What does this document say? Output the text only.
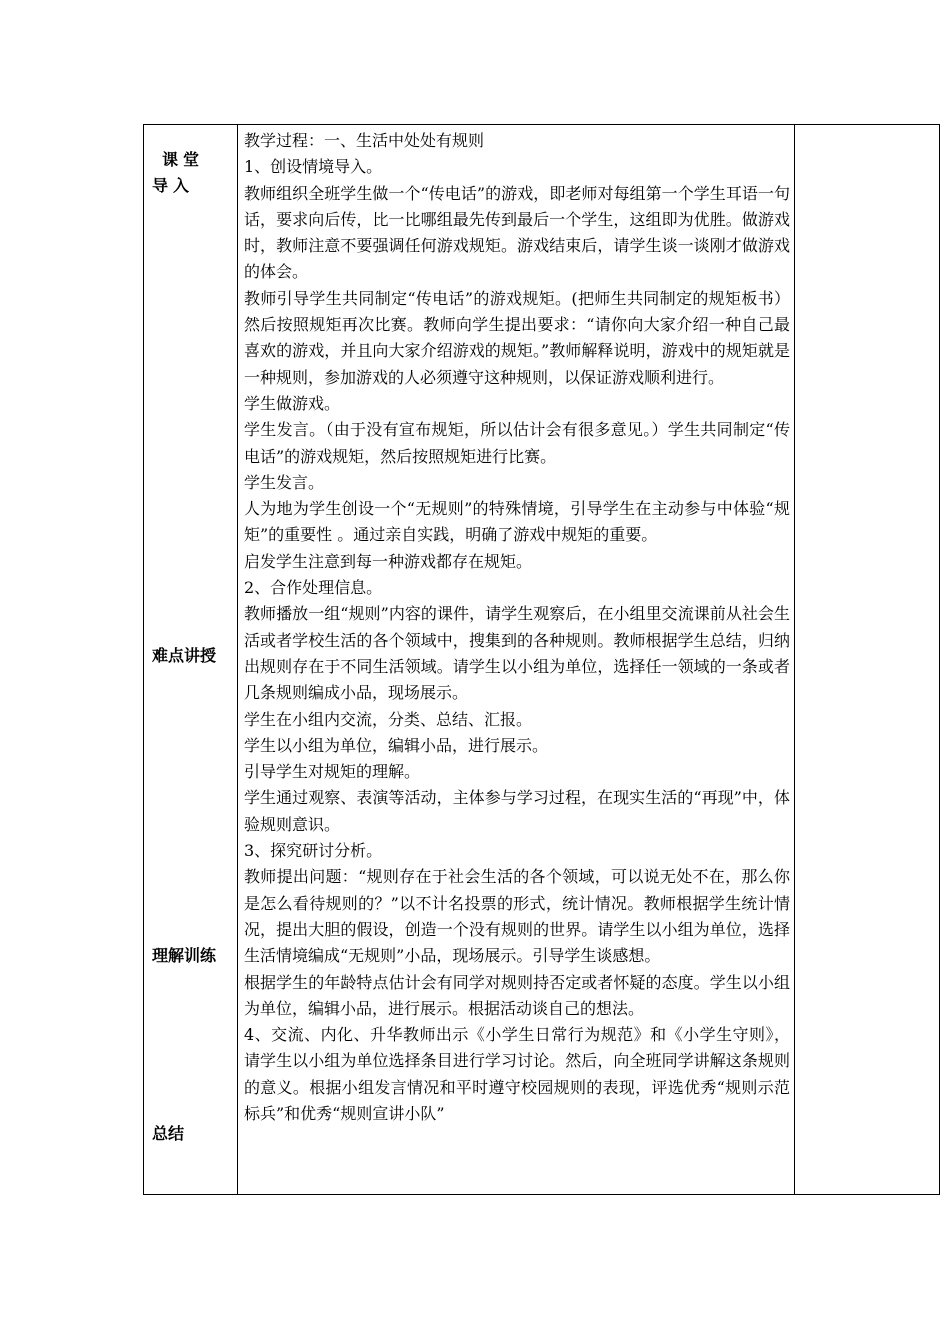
课堂导入
难点讲授
理解训练
总结

教学过程：一、生活中处处有规则

1、创设情境导入。

教师组织全班学生做一个“传电话”的游戏，即老师对每组第一个学生耳语一句话，要求向后传，比一比哪组最先传到最后一个学生，这组即为优胜。做游戏时，教师注意不要强调任何游戏规矩。游戏结束后，请学生谈一谈刚才做游戏的体会。

教师引导学生共同制定“传电话”的游戏规矩。(把师生共同制定的规矩板书）然后按照规矩再次比赛。教师向学生提出要求：“请你向大家介绍一种自己最喜欢的游戏，并且向大家介绍游戏的规矩。”教师解释说明，游戏中的规矩就是一种规则，参加游戏的人必须遵守这种规则，以保证游戏顺利进行。

学生做游戏。

学生发言。（由于没有宣布规矩，所以估计会有很多意见。）学生共同制定“传电话”的游戏规矩，然后按照规矩进行比赛。

学生发言。

人为地为学生创设一个“无规则”的特殊情境，引导学生在主动参与中体验“规矩”的重要性 。通过亲自实践，明确了游戏中规矩的重要。

启发学生注意到每一种游戏都存在规矩。

2、合作处理信息。

教师播放一组“规则”内容的课件，请学生观察后，在小组里交流课前从社会生活或者学校生活的各个领域中，搜集到的各种规则。教师根据学生总结，归纳出规则存在于不同生活领域。请学生以小组为单位，选择任一领域的一条或者几条规则编成小品，现场展示。

学生在小组内交流，分类、总结、汇报。

学生以小组为单位，编辑小品，进行展示。

引导学生对规矩的理解。

学生通过观察、表演等活动，主体参与学习过程，在现实生活的“再现”中，体验规则意识。

3、探究研讨分析。

教师提出问题：“规则存在于社会生活的各个领域，可以说无处不在，那么你是怎么看待规则的？”以不计名投票的形式，统计情况。教师根据学生统计情况，提出大胆的假设，创造一个没有规则的世界。请学生以小组为单位，选择生活情境编成“无规则”小品，现场展示。引导学生谈感想。

根据学生的年龄特点估计会有同学对规则持否定或者怀疑的态度。学生以小组为单位，编辑小品，进行展示。根据活动谈自己的想法。

4、交流、内化、升华教师出示《小学生日常行为规范》和《小学生守则》，请学生以小组为单位选择条目进行学习讨论。然后，向全班同学讲解这条规则的意义。根据小组发言情况和平时遵守校园规则的表现，评选优秀“规则示范标兵”和优秀“规则宣讲小队”
